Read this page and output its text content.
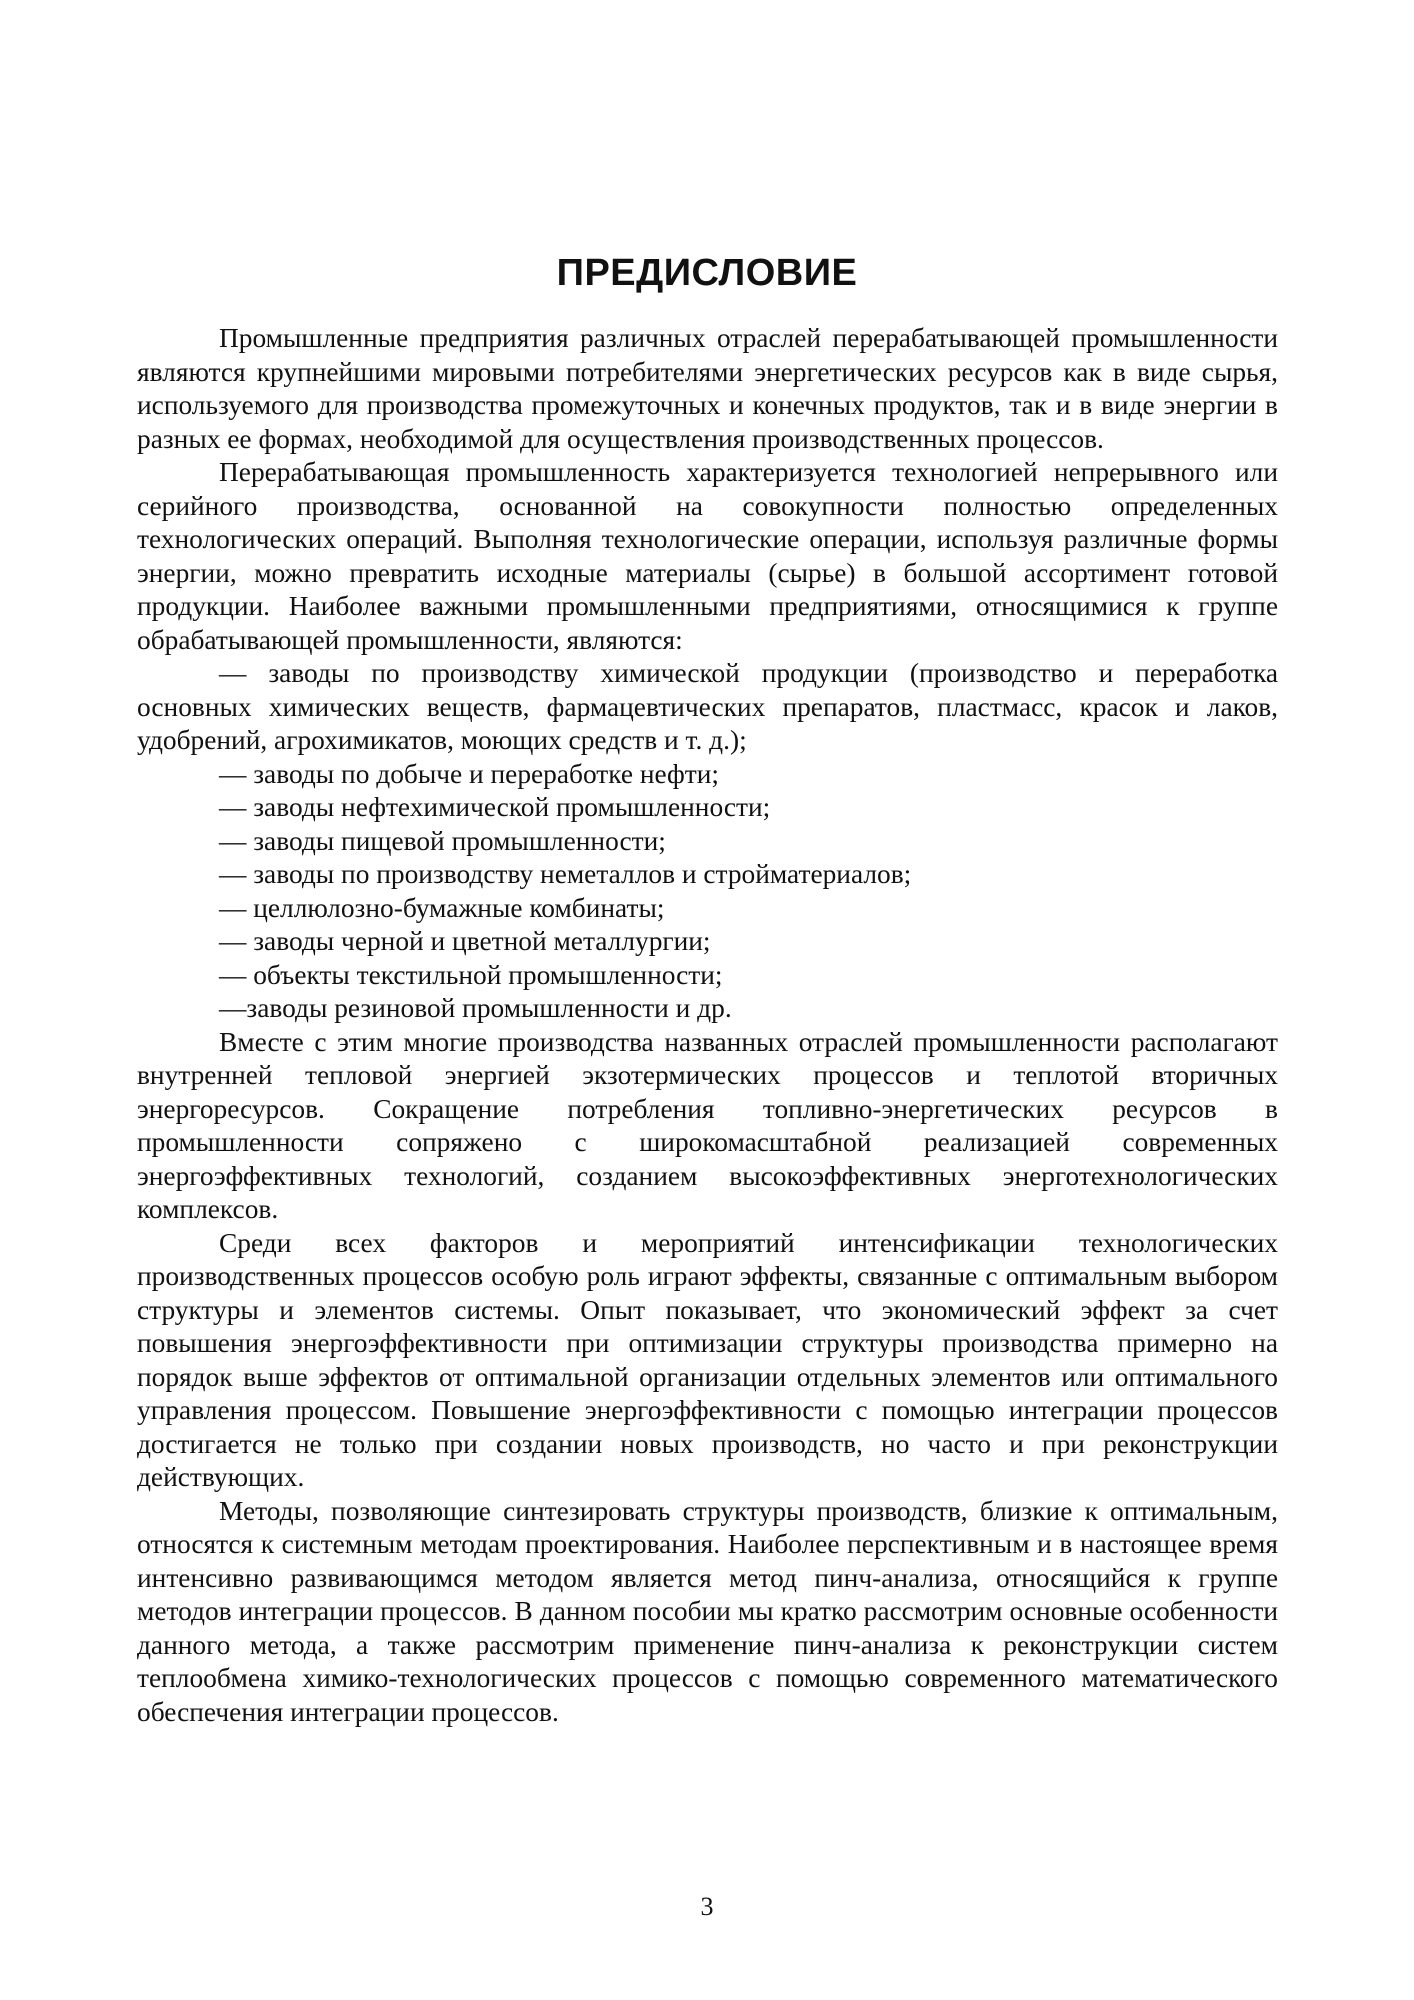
ПРЕДИСЛОВИЕ

Промышленные предприятия различных отраслей перерабатывающей промышленности являются крупнейшими мировыми потребителями энергетических ресурсов как в виде сырья, используемого для производства промежуточных и конечных продуктов, так и в виде энергии в разных ее формах, необходимой для осуществления производственных процессов.

Перерабатывающая промышленность характеризуется технологией непрерывного или серийного производства, основанной на совокупности полностью определенных технологических операций. Выполняя технологические операции, используя различные формы энергии, можно превратить исходные материалы (сырье) в большой ассортимент готовой продукции. Наиболее важными промышленными предприятиями, относящимися к группе обрабатывающей промышленности, являются:

— заводы по производству химической продукции (производство и переработка основных химических веществ, фармацевтических препаратов, пластмасс, красок и лаков, удобрений, агрохимикатов, моющих средств и т. д.);
— заводы по добыче и переработке нефти;
— заводы нефтехимической промышленности;
— заводы пищевой промышленности;
— заводы по производству неметаллов и стройматериалов;
— целлюлозно-бумажные комбинаты;
— заводы черной и цветной металлургии;
— объекты текстильной промышленности;
—заводы резиновой промышленности и др.

Вместе с этим многие производства названных отраслей промышленности располагают внутренней тепловой энергией экзотермических процессов и теплотой вторичных энергоресурсов. Сокращение потребления топливно-энергетических ресурсов в промышленности сопряжено с широкомасштабной реализацией современных энергоэффективных технологий, созданием высокоэффективных энерготехнологических комплексов.

Среди всех факторов и мероприятий интенсификации технологических производственных процессов особую роль играют эффекты, связанные с оптимальным выбором структуры и элементов системы. Опыт показывает, что экономический эффект за счет повышения энергоэффективности при оптимизации структуры производства примерно на порядок выше эффектов от оптимальной организации отдельных элементов или оптимального управления процессом. Повышение энергоэффективности с помощью интеграции процессов достигается не только при создании новых производств, но часто и при реконструкции действующих.

Методы, позволяющие синтезировать структуры производств, близкие к оптимальным, относятся к системным методам проектирования. Наиболее перспективным и в настоящее время интенсивно развивающимся методом является метод пинч-анализа, относящийся к группе методов интеграции процессов. В данном пособии мы кратко рассмотрим основные особенности данного метода, а также рассмотрим применение пинч-анализа к реконструкции систем теплообмена химико-технологических процессов с помощью современного математического обеспечения интеграции процессов.

3
